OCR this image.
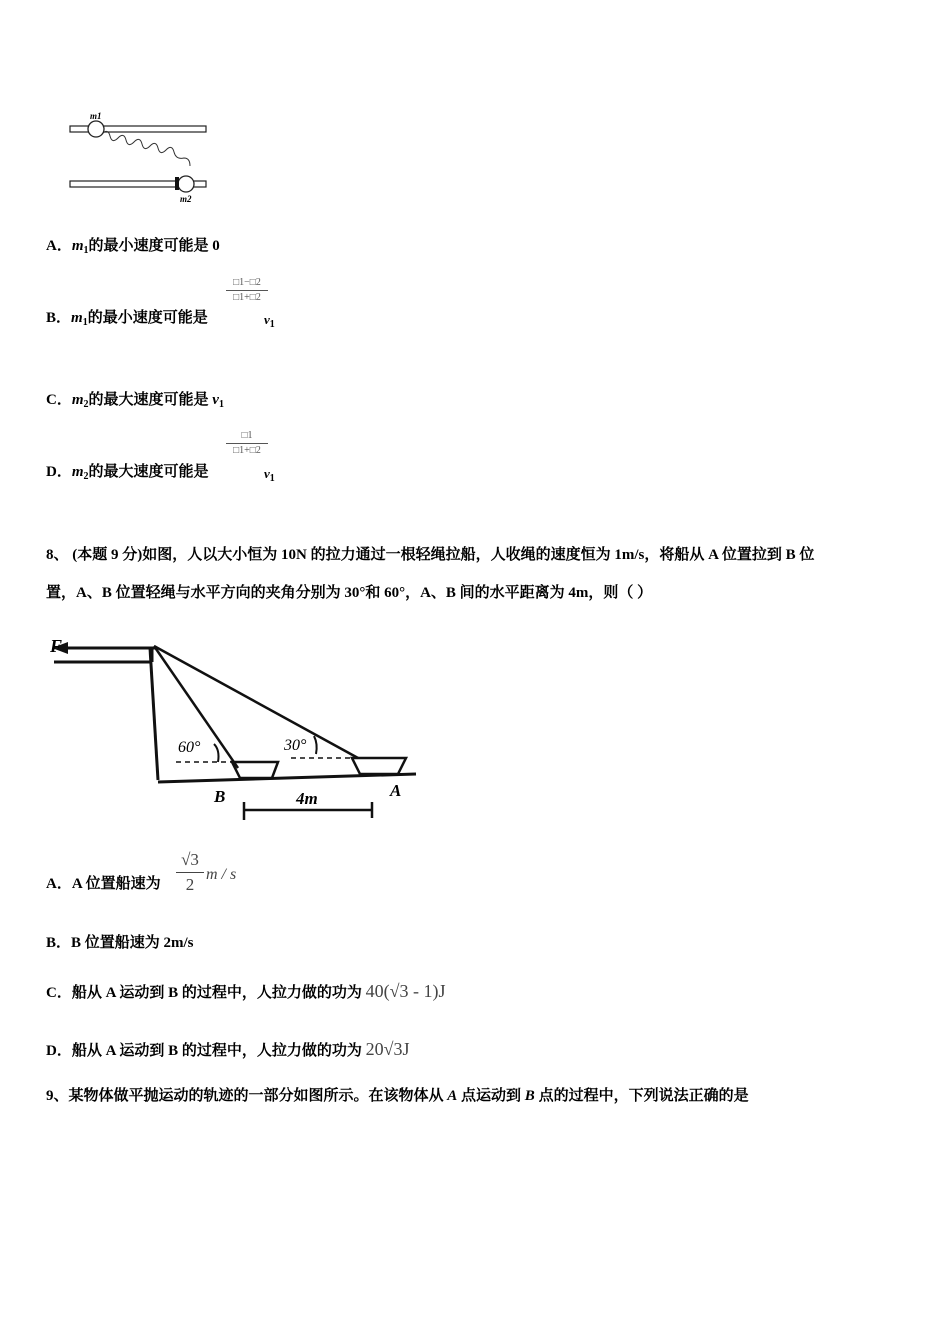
m1
m2
A．$m_1$的最小速度可能是 0
B．$m_1$的最小速度可能是
□1−□2
□1+□2
$v_1$
C．$m_2$的最大速度可能是 $v_1$
D．$m_2$的最大速度可能是
□1
□1+□2
$v_1$
8、 (本题 9 分)如图，人以大小恒为 10N 的拉力通过一根轻绳拉船，人收绳的速度恒为 1m/s，将船从 A 位置拉到 B 位
置，A、B 位置轻绳与水平方向的夹角分别为 30°和 60°，A、B 间的水平距离为 4m，则（ ）
F
60°	30°
B	A
4m
A．A 位置船速为
√3
2
m / s
B．B 位置船速为 2m/s
C．船从 A 运动到 B 的过程中，人拉力做的功为 40(√3 - 1)J
D．船从 A 运动到 B 的过程中，人拉力做的功为 20√3J
9、某物体做平抛运动的轨迹的一部分如图所示。在该物体从 A 点运动到 B 点的过程中，下列说法正确的是
